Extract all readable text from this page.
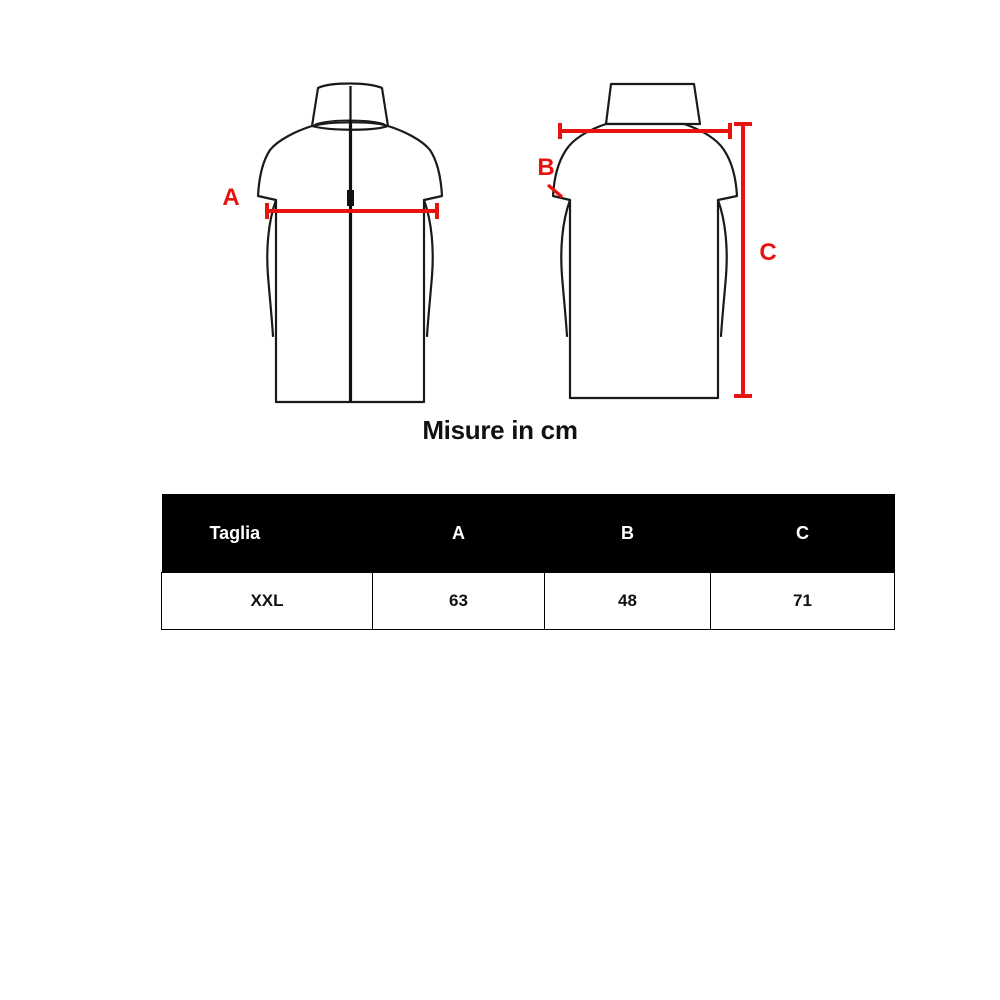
A
B
C
Misure in cm
Taglia	A	B	C
XXL	63	48	71
